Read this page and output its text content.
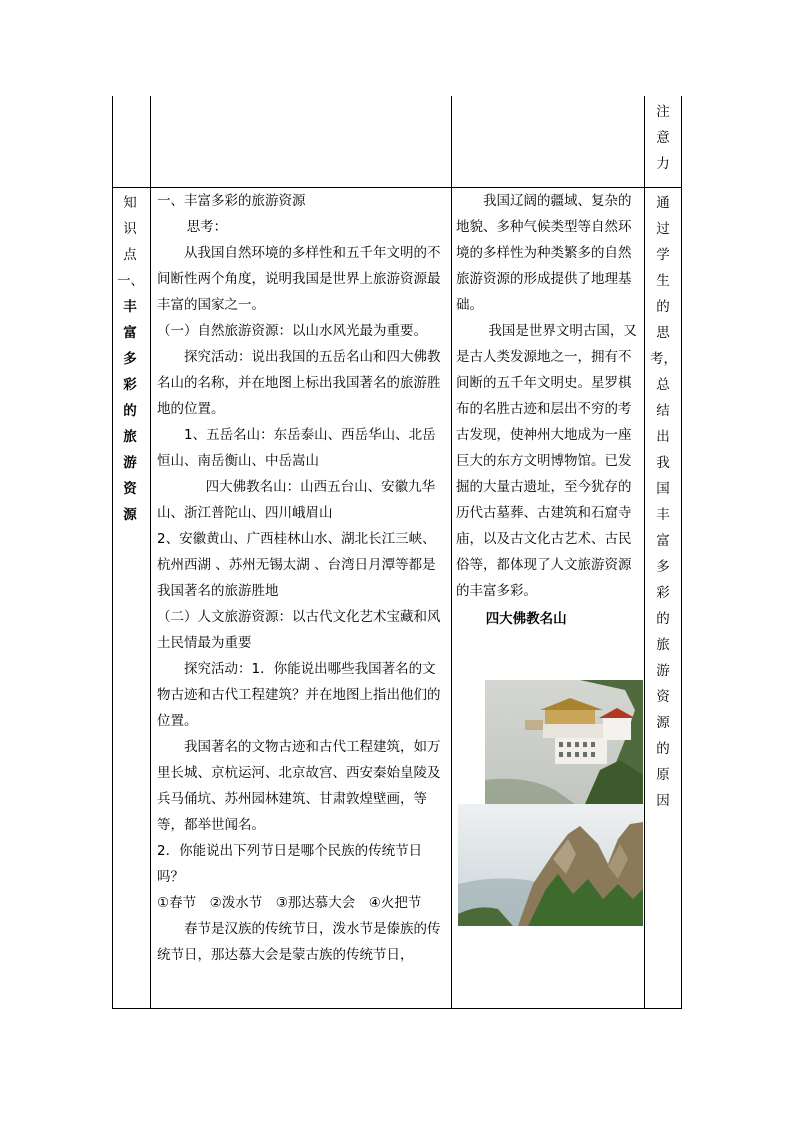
注
意
力
知
识
点
一、
丰
富
多
彩
的
旅
游
资
源

一、丰富多彩的旅游资源

思考：

从我国自然环境的多样性和五千年文明的不间断性两个角度，说明我国是世界上旅游资源最丰富的国家之一。

（一）自然旅游资源：以山水风光最为重要。

探究活动：说出我国的五岳名山和四大佛教名山的名称，并在地图上标出我国著名的旅游胜地的位置。

1、五岳名山：东岳泰山、西岳华山、北岳恒山、南岳衡山、中岳嵩山

四大佛教名山：山西五台山、安徽九华山、浙江普陀山、四川峨眉山

2、安徽黄山、广西桂林山水、湖北长江三峡、杭州西湖 、苏州无锡太湖 、台湾日月潭等都是我国著名的旅游胜地

（二）人文旅游资源：以古代文化艺术宝藏和风土民情最为重要

探究活动：1．你能说出哪些我国著名的文物古迹和古代工程建筑？并在地图上指出他们的位置。

我国著名的文物古迹和古代工程建筑，如万里长城、京杭运河、北京故宫、西安秦始皇陵及兵马俑坑、苏州园林建筑、甘肃敦煌壁画，等等，都举世闻名。

2．你能说出下列节日是哪个民族的传统节日吗？

①春节　②泼水节　③那达慕大会　④火把节

春节是汉族的传统节日，泼水节是傣族的传统节日，那达慕大会是蒙古族的传统节日，

我国辽阔的疆域、复杂的地貌、多种气候类型等自然环境的多样性为种类繁多的自然旅游资源的形成提供了地理基础。

我国是世界文明古国，又是古人类发源地之一，拥有不间断的五千年文明史。星罗棋布的名胜古迹和层出不穷的考古发现，使神州大地成为一座巨大的东方文明博物馆。已发掘的大量古遗址，至今犹存的历代古墓葬、古建筑和石窟寺庙，以及古文化古艺术、古民俗等，都体现了人文旅游资源的丰富多彩。

四大佛教名山

通
过
学
生
的
思
考，
总
结
出
我
国
丰
富
多
彩
的
旅
游
资
源
的
原
因
